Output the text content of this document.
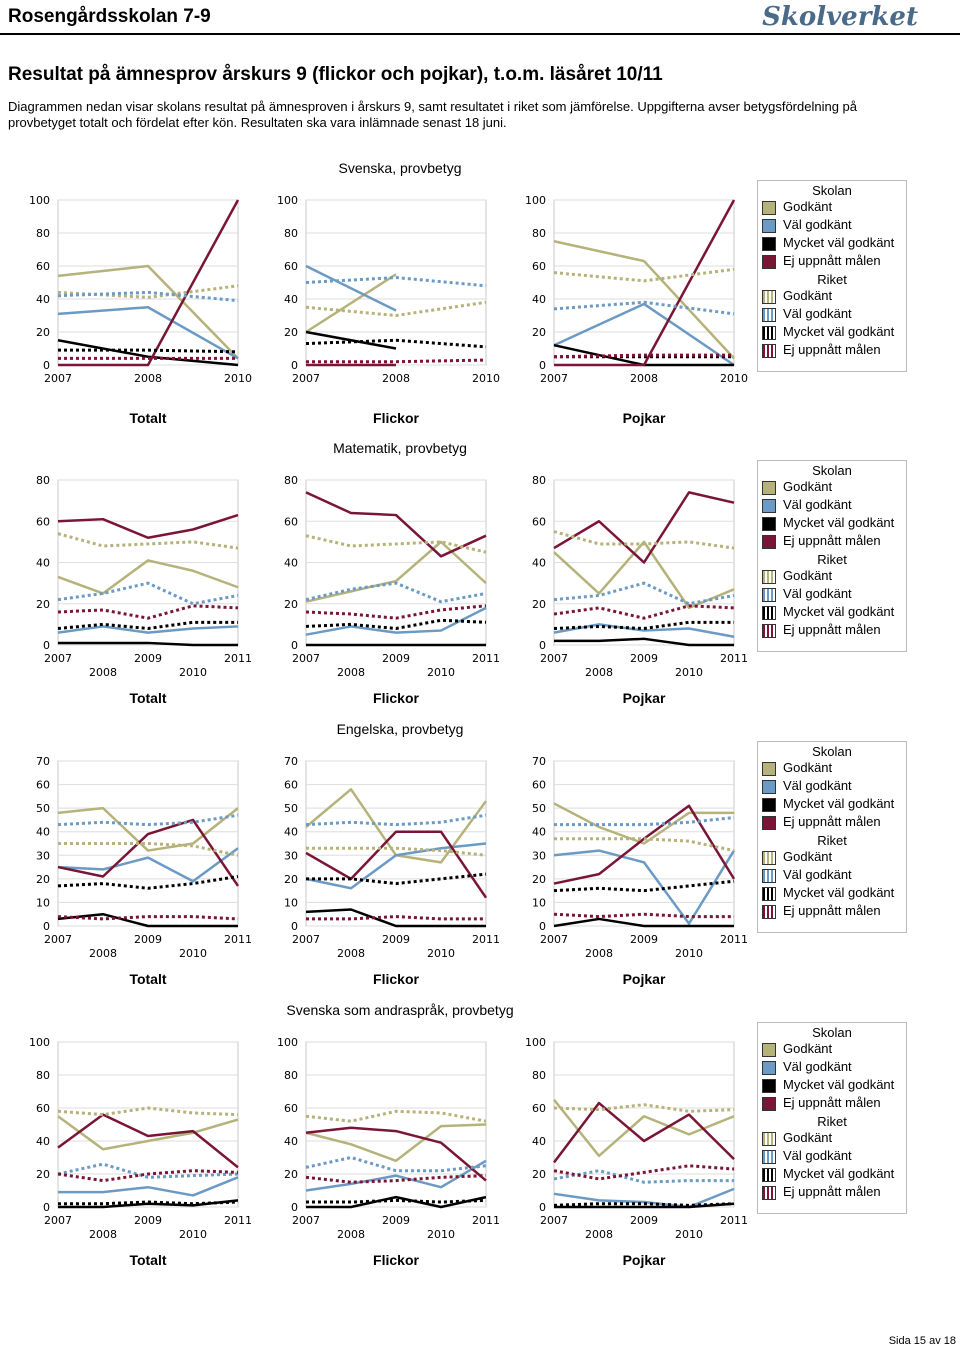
Rosengårdsskolan 7-9	Skolverket
Resultat på ämnesprov årskurs 9 (flickor och pojkar), t.o.m. läsåret 10/11
Diagrammen nedan visar skolans resultat på ämnesproven i årskurs 9, samt resultatet i riket som jämförelse. Uppgifterna avser betygsfördelning på provbetyget totalt och fördelat efter kön. Resultaten ska vara inlämnade senast 18 juni.
Svenska, provbetyg
0
20
40
60
80
100
2007	2008	2010
Totalt
0
20
40
60
80
100
2007	2008	2010
Flickor
0
20
40
60
80
100
2007	2008	2010
Pojkar
Skolan
Godkänt
Väl godkänt
Mycket väl godkänt
Ej uppnått målen
Riket
Godkänt
Väl godkänt
Mycket väl godkänt
Ej uppnått målen
Matematik, provbetyg
0
20
40
60
80
2007
2008
2009
2010
2011
Totalt
0
20
40
60
80
2007
2008
2009
2010
2011
Flickor
0
20
40
60
80
2007
2008
2009
2010
2011
Pojkar
Skolan
Godkänt
Väl godkänt
Mycket väl godkänt
Ej uppnått målen
Riket
Godkänt
Väl godkänt
Mycket väl godkänt
Ej uppnått målen
Engelska, provbetyg
0
10
20
30
40
50
60
70
2007
2008
2009
2010
2011
Totalt
0
10
20
30
40
50
60
70
2007
2008
2009
2010
2011
Flickor
0
10
20
30
40
50
60
70
2007
2008
2009
2010
2011
Pojkar
Skolan
Godkänt
Väl godkänt
Mycket väl godkänt
Ej uppnått målen
Riket
Godkänt
Väl godkänt
Mycket väl godkänt
Ej uppnått målen
Svenska som andraspråk, provbetyg
0
20
40
60
80
100
2007
2008
2009
2010
2011
Totalt
0
20
40
60
80
100
2007
2008
2009
2010
2011
Flickor
0
20
40
60
80
100
2007
2008
2009
2010
2011
Pojkar
Skolan
Godkänt
Väl godkänt
Mycket väl godkänt
Ej uppnått målen
Riket
Godkänt
Väl godkänt
Mycket väl godkänt
Ej uppnått målen
Sida 15 av 18
